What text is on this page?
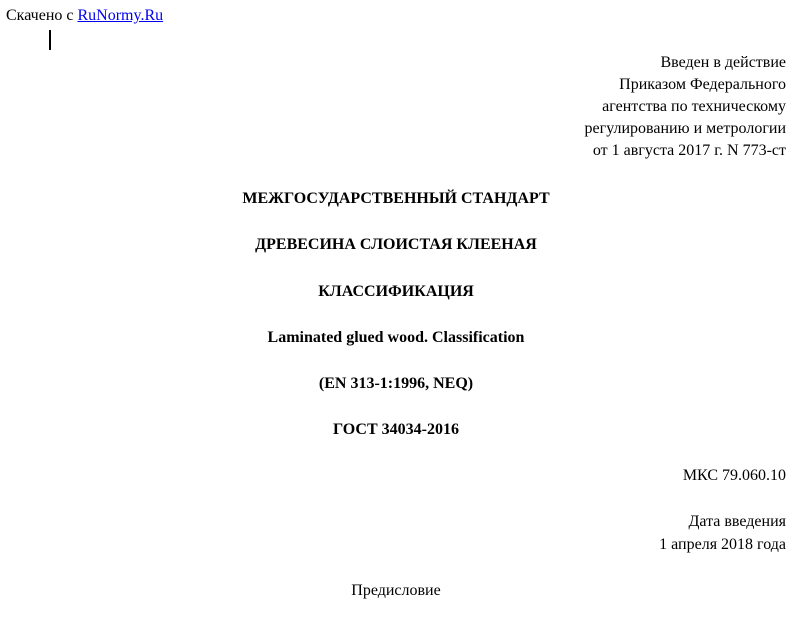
Скачено с RuNormy.Ru
Введен в действие
Приказом Федерального
агентства по техническому
регулированию и метрологии
от 1 августа 2017 г. N 773-ст
МЕЖГОСУДАРСТВЕННЫЙ СТАНДАРТ
ДРЕВЕСИНА СЛОИСТАЯ КЛЕЕНАЯ
КЛАССИФИКАЦИЯ
Laminated glued wood. Classification
(EN 313-1:1996, NEQ)
ГОСТ 34034-2016
МКС 79.060.10
Дата введения
1 апреля 2018 года
Предисловие
